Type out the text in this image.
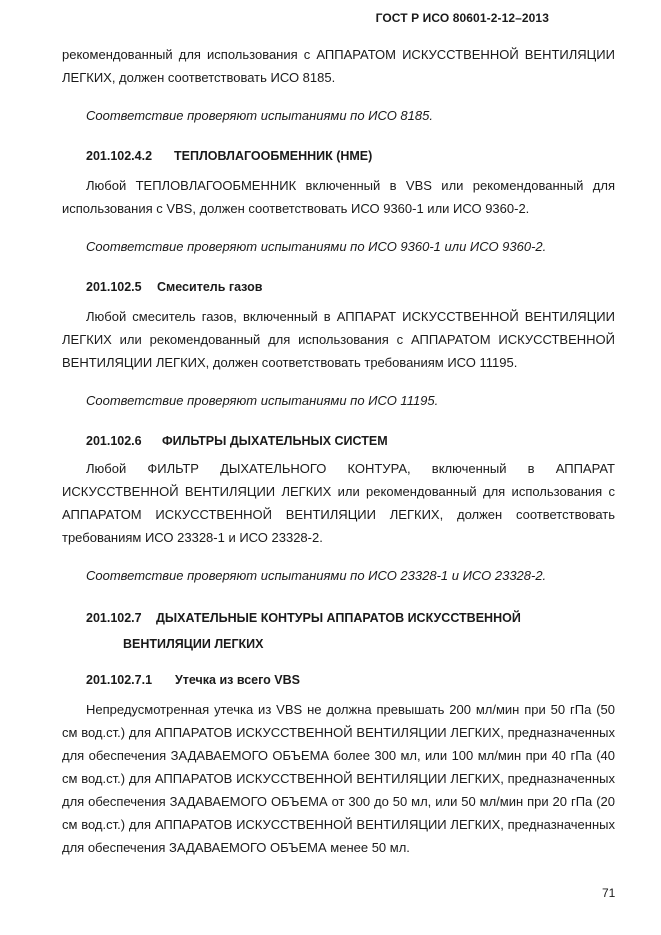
ГОСТ Р ИСО 80601-2-12–2013

рекомендованный для использования с АППАРАТОМ ИСКУССТВЕННОЙ ВЕНТИЛЯЦИИ ЛЕГКИХ, должен соответствовать ИСО 8185.

Соответствие проверяют испытаниями по ИСО 8185.

201.102.4.2 ТЕПЛОВЛАГООБМЕННИК (HME)

Любой ТЕПЛОВЛАГООБМЕННИК включенный в VBS или рекомендованный для использования с VBS, должен соответствовать ИСО 9360-1 или ИСО 9360-2.

Соответствие проверяют испытаниями по ИСО 9360-1 или ИСО 9360-2.

201.102.5 Смеситель газов

Любой смеситель газов, включенный в АППАРАТ ИСКУССТВЕННОЙ ВЕНТИЛЯЦИИ ЛЕГКИХ или рекомендованный для использования с АППАРАТОМ ИСКУССТВЕННОЙ ВЕНТИЛЯЦИИ ЛЕГКИХ, должен соответствовать требованиям ИСО 11195.

Соответствие проверяют испытаниями по ИСО 11195.

201.102.6 ФИЛЬТРЫ ДЫХАТЕЛЬНЫХ СИСТЕМ

Любой ФИЛЬТР ДЫХАТЕЛЬНОГО КОНТУРА, включенный в АППАРАТ ИСКУССТВЕННОЙ ВЕНТИЛЯЦИИ ЛЕГКИХ или рекомендованный для использования с АППАРАТОМ ИСКУССТВЕННОЙ ВЕНТИЛЯЦИИ ЛЕГКИХ, должен соответствовать требованиям ИСО 23328-1 и ИСО 23328-2.

Соответствие проверяют испытаниями по ИСО 23328-1 и ИСО 23328-2.

201.102.7 ДЫХАТЕЛЬНЫЕ КОНТУРЫ АППАРАТОВ ИСКУССТВЕННОЙ
ВЕНТИЛЯЦИИ ЛЕГКИХ
201.102.7.1 Утечка из всего VBS

Непредусмотренная утечка из VBS не должна превышать 200 мл/мин при 50 гПа (50 см вод.ст.) для АППАРАТОВ ИСКУССТВЕННОЙ ВЕНТИЛЯЦИИ ЛЕГКИХ, предназначенных для обеспечения ЗАДАВАЕМОГО ОБЪЕМА более 300 мл, или 100 мл/мин при 40 гПа (40 см вод.ст.) для АППАРАТОВ ИСКУССТВЕННОЙ ВЕНТИЛЯЦИИ ЛЕГКИХ, предназначенных для обеспечения ЗАДАВАЕМОГО ОБЪЕМА от 300 до 50 мл, или 50 мл/мин при 20 гПа (20 см вод.ст.) для АППАРАТОВ ИСКУССТВЕННОЙ ВЕНТИЛЯЦИИ ЛЕГКИХ, предназначенных для обеспечения ЗАДАВАЕМОГО ОБЪЕМА менее 50 мл.

71
